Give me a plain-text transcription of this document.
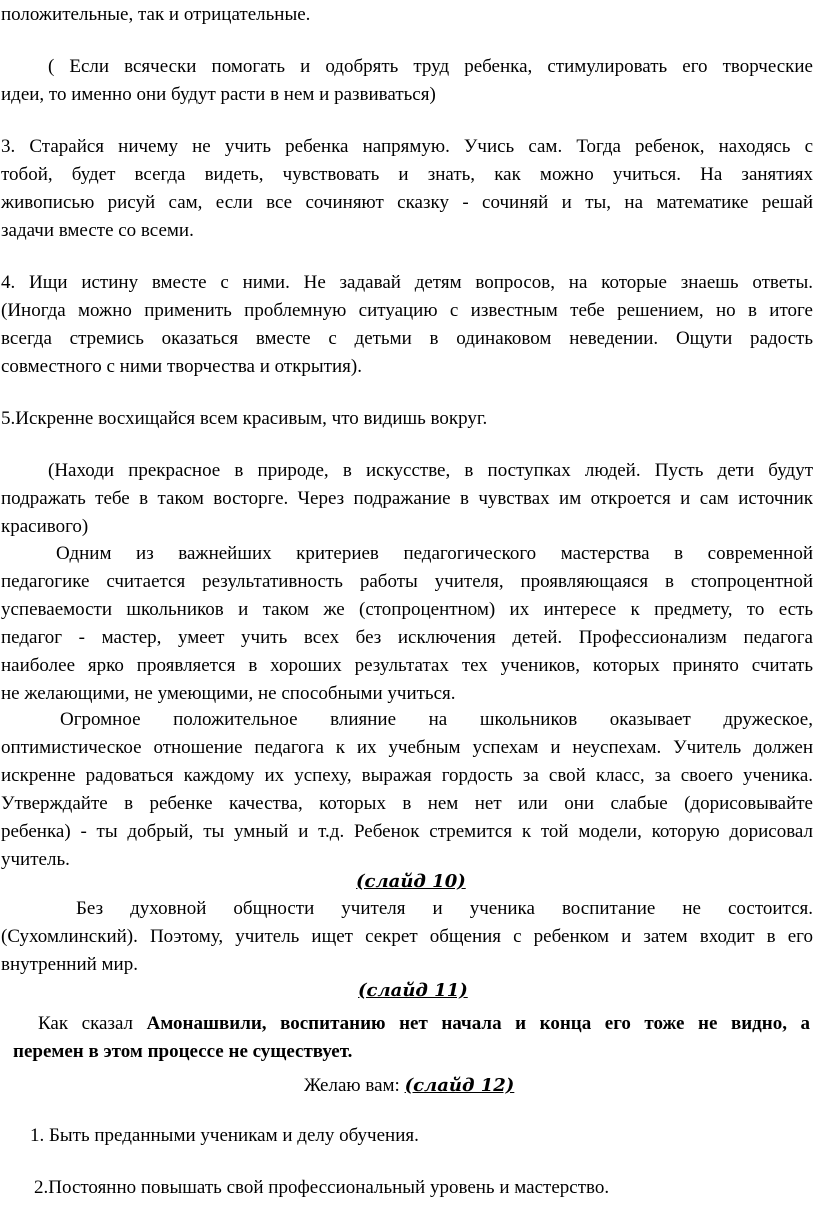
положительные, так и отрицательные.
( Если всячески помогать и одобрять труд ребенка, стимулировать его творческие
идеи, то именно они будут расти в нем и развиваться)
3. Старайся ничему не учить ребенка напрямую. Учись сам. Тогда ребенок, находясь с
тобой, будет всегда видеть, чувствовать и знать, как можно учиться. На занятиях
живописью рисуй сам, если все сочиняют сказку - сочиняй и ты, на математике решай
задачи вместе со всеми.
4. Ищи истину вместе с ними. Не задавай детям вопросов, на которые знаешь ответы.
(Иногда можно применить проблемную ситуацию с известным тебе решением, но в итоге
всегда стремись оказаться вместе с детьми в одинаковом неведении. Ощути радость
совместного с ними творчества и открытия).
5.Искренне восхищайся всем красивым, что видишь вокруг.
(Находи прекрасное в природе, в искусстве, в поступках людей. Пусть дети будут
подражать тебе в таком восторге. Через подражание в чувствах им откроется и сам источник
красивого)
Одним из важнейших критериев педагогического мастерства в современной
педагогике считается результативность работы учителя, проявляющаяся в стопроцентной
успеваемости школьников и таком же (стопроцентном) их интересе к предмету, то есть
педагог - мастер, умеет учить всех без исключения детей. Профессионализм педагога
наиболее ярко проявляется в хороших результатах тех учеников, которых принято считать
не желающими, не умеющими, не способными учиться.
Огромное положительное влияние на школьников оказывает дружеское,
оптимистическое отношение педагога к их учебным успехам и неуспехам. Учитель должен
искренне радоваться каждому их успеху, выражая гордость за свой класс, за своего ученика.
Утверждайте в ребенке качества, которых в нем нет или они слабые (дорисовывайте
ребенка) - ты добрый, ты умный и т.д. Ребенок стремится к той модели, которую дорисовал
учитель.
(слайд 10)
Без духовной общности учителя и ученика воспитание не состоится.
(Сухомлинский). Поэтому, учитель ищет секрет общения с ребенком и затем входит в его
внутренний мир.
(слайд 11)
Как сказал Амонашвили, воспитанию нет начала и конца его тоже не видно, а
перемен в этом процессе не существует.
Желаю вам: (слайд 12)
1. Быть преданными ученикам и делу обучения.
2.Постоянно повышать свой профессиональный уровень и мастерство.
